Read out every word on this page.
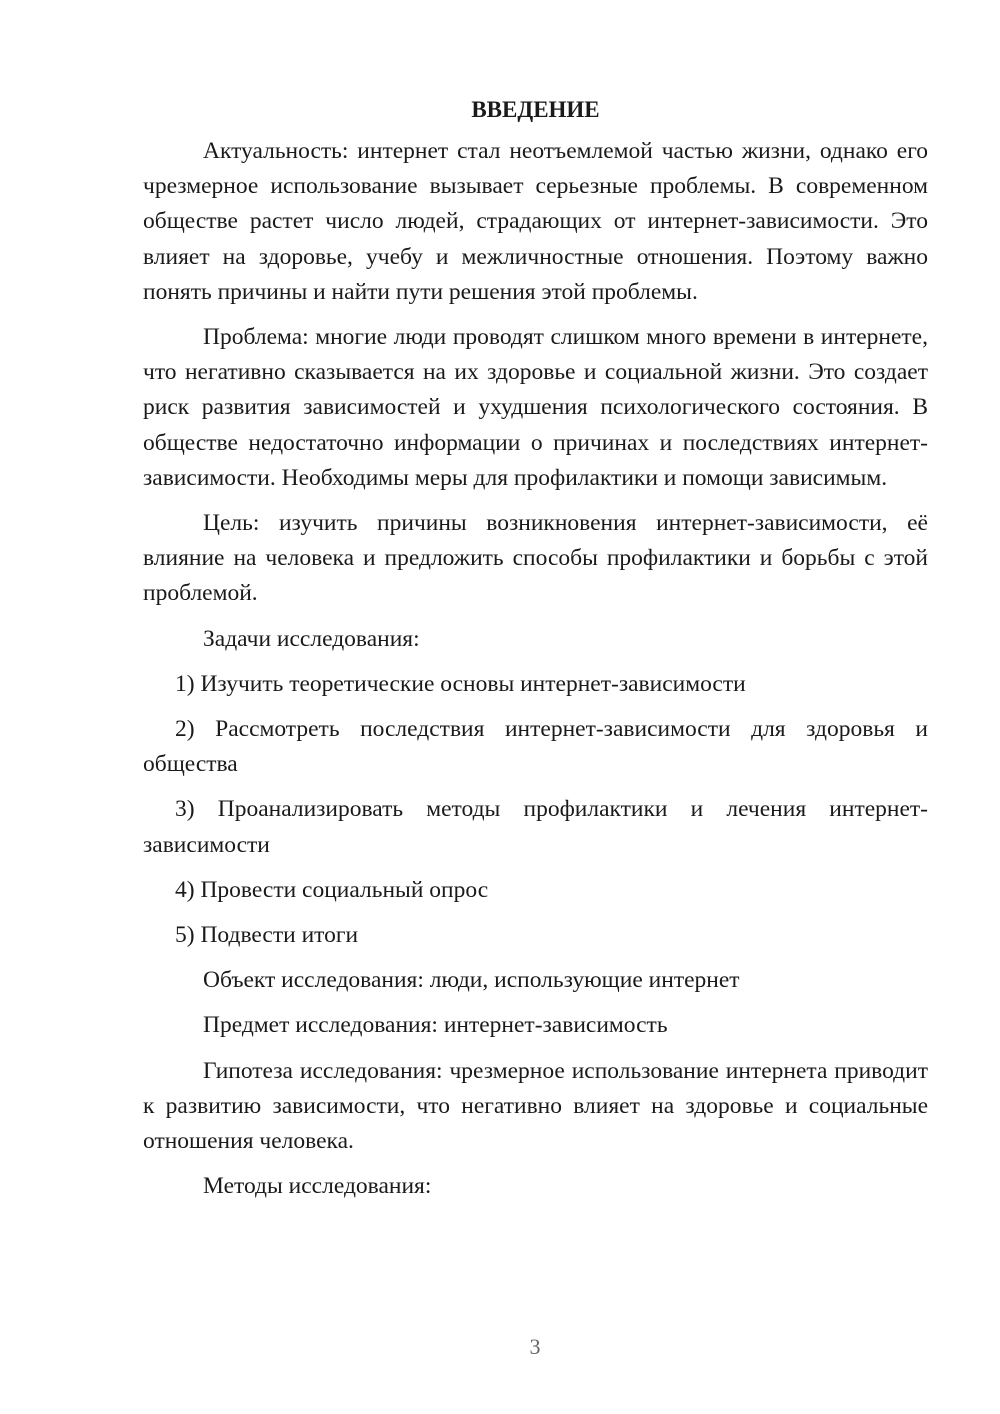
ВВЕДЕНИЕ

Актуальность: интернет стал неотъемлемой частью жизни, однако его чрезмерное использование вызывает серьезные проблемы. В современном обществе растет число людей, страдающих от интернет-зависимости. Это влияет на здоровье, учебу и межличностные отношения. Поэтому важно понять причины и найти пути решения этой проблемы.

Проблема: многие люди проводят слишком много времени в интернете, что негативно сказывается на их здоровье и социальной жизни. Это создает риск развития зависимостей и ухудшения психологического состояния. В обществе недостаточно информации о причинах и последствиях интернет-зависимости. Необходимы меры для профилактики и помощи зависимым.

Цель: изучить причины возникновения интернет-зависимости, её влияние на человека и предложить способы профилактики и борьбы с этой проблемой.

Задачи исследования:

1) Изучить теоретические основы интернет-зависимости

2) Рассмотреть последствия интернет-зависимости для здоровья и общества

3) Проанализировать методы профилактики и лечения интернет-зависимости

4) Провести социальный опрос

5) Подвести итоги

Объект исследования: люди, использующие интернет

Предмет исследования: интернет-зависимость

Гипотеза исследования: чрезмерное использование интернета приводит к развитию зависимости, что негативно влияет на здоровье и социальные отношения человека.

Методы исследования:

3
